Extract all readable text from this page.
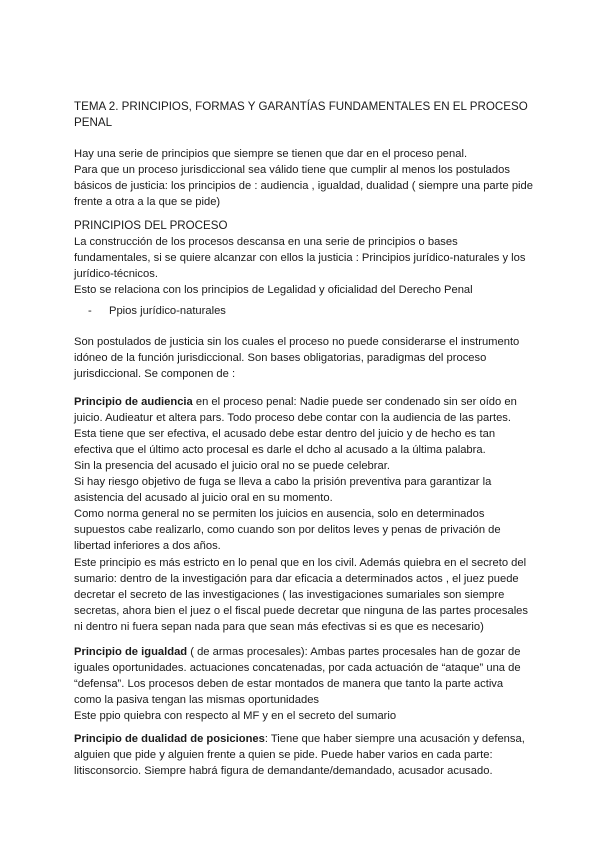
TEMA 2. PRINCIPIOS, FORMAS Y GARANTÍAS FUNDAMENTALES EN EL PROCESO

PENAL

Hay una serie de principios que siempre se tienen que dar en el proceso penal.

Para que un proceso jurisdiccional sea válido tiene que cumplir al menos los postulados

básicos de justicia: los principios de : audiencia , igualdad, dualidad ( siempre una parte pide

frente a otra a la que se pide)

PRINCIPIOS DEL PROCESO

La construcción de los procesos descansa en una serie de principios o bases

fundamentales, si se quiere alcanzar con ellos la justicia : Principios jurídico-naturales y los

jurídico-técnicos.

Esto se relaciona con los principios de Legalidad y oficialidad del Derecho Penal

- Ppios jurídico-naturales

Son postulados de justicia sin los cuales el proceso no puede considerarse el instrumento

idóneo de la función jurisdiccional. Son bases obligatorias, paradigmas del proceso

jurisdiccional. Se componen de :

Principio de audiencia en el proceso penal: Nadie puede ser condenado sin ser oído en

juicio. Audieatur et altera pars. Todo proceso debe contar con la audiencia de las partes.

Esta tiene que ser efectiva, el acusado debe estar dentro del juicio y de hecho es tan

efectiva que el último acto procesal es darle el dcho al acusado a la última palabra.

Sin la presencia del acusado el juicio oral no se puede celebrar.

Si hay riesgo objetivo de fuga se lleva a cabo la prisión preventiva para garantizar la

asistencia del acusado al juicio oral en su momento.

Como norma general no se permiten los juicios en ausencia, solo en determinados

supuestos cabe realizarlo, como cuando son por delitos leves y penas de privación de

libertad inferiores a dos años.

Este principio es más estricto en lo penal que en los civil. Además quiebra en el secreto del

sumario: dentro de la investigación para dar eficacia a determinados actos , el juez puede

decretar el secreto de las investigaciones ( las investigaciones sumariales son siempre

secretas, ahora bien el juez o el fiscal puede decretar que ninguna de las partes procesales

ni dentro ni fuera sepan nada para que sean más efectivas si es que es necesario)

Principio de igualdad ( de armas procesales): Ambas partes procesales han de gozar de

iguales oportunidades. actuaciones concatenadas, por cada actuación de “ataque” una de

“defensa”. Los procesos deben de estar montados de manera que tanto la parte activa

como la pasiva tengan las mismas oportunidades

Este ppio quiebra con respecto al MF y en el secreto del sumario

Principio de dualidad de posiciones: Tiene que haber siempre una acusación y defensa,

alguien que pide y alguien frente a quien se pide. Puede haber varios en cada parte:

litisconsorcio. Siempre habrá figura de demandante/demandado, acusador acusado.
